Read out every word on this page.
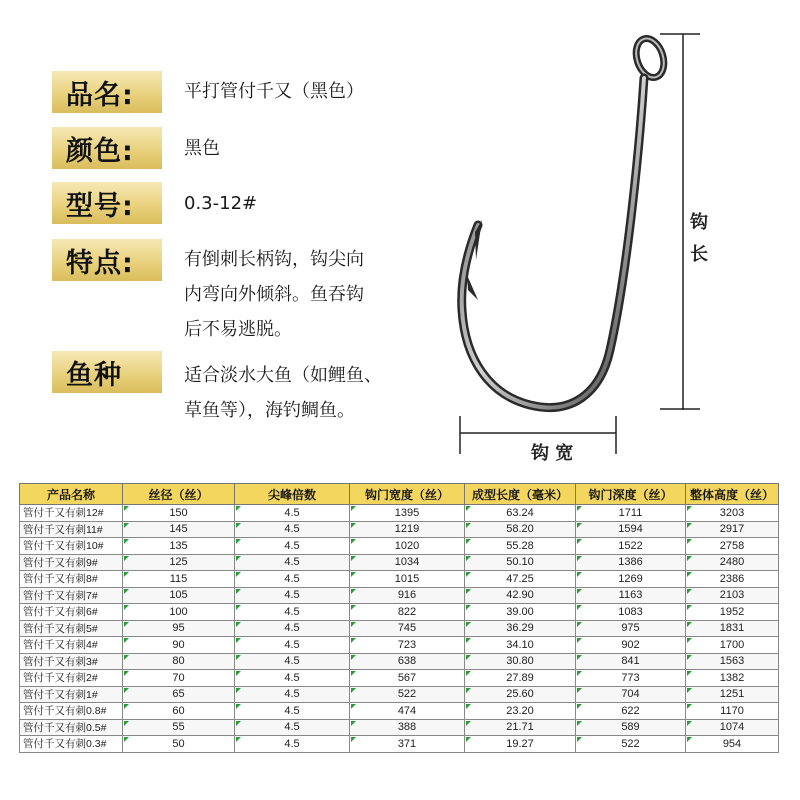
品名:	平打管付千又（黑色）
颜色:	黑色
型号:	0.3-12#
特点:	有倒刺长柄钩，钩尖向
内弯向外倾斜。鱼吞钩
后不易逃脱。
鱼种	适合淡水大鱼（如鲤鱼、
草鱼等），海钓鲷鱼。
钩
长
钩 宽
产品名称	丝径（丝）	尖峰倍数	钩门宽度（丝）	成型长度（毫米）	钩门深度（丝）	整体高度（丝）
管付千又有刺12#	150	4.5	1395	63.24	1711	3203

管付千又有刺11#	145	4.5	1219	58.20	1594	2917

管付千又有刺10#	135	4.5	1020	55.28	1522	2758

管付千又有刺9#	125	4.5	1034	50.10	1386	2480

管付千又有刺8#	115	4.5	1015	47.25	1269	2386

管付千又有刺7#	105	4.5	916	42.90	1163	2103

管付千又有刺6#	100	4.5	822	39.00	1083	1952

管付千又有刺5#	95	4.5	745	36.29	975	1831

管付千又有刺4#	90	4.5	723	34.10	902	1700

管付千又有刺3#	80	4.5	638	30.80	841	1563

管付千又有刺2#	70	4.5	567	27.89	773	1382

管付千又有刺1#	65	4.5	522	25.60	704	1251

管付千又有刺0.8#	60	4.5	474	23.20	622	1170

管付千又有刺0.5#	55	4.5	388	21.71	589	1074

管付千又有刺0.3#	50	4.5	371	19.27	522	954
